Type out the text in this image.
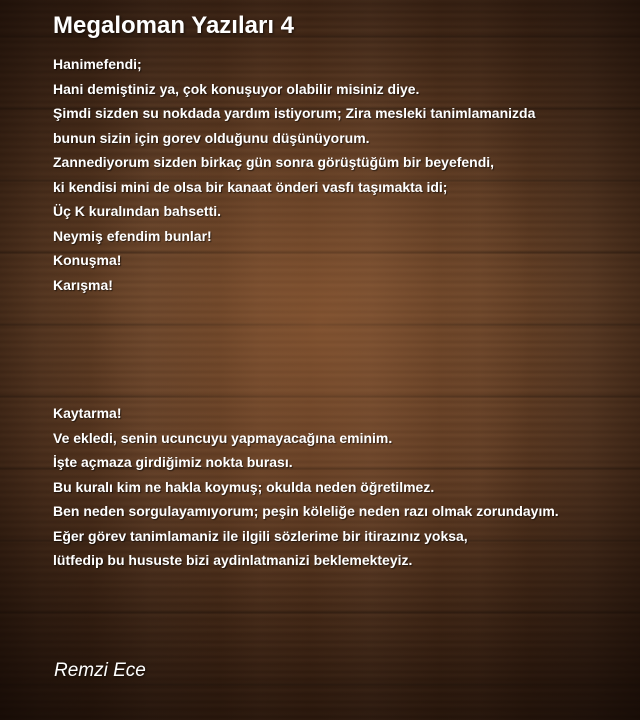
Megaloman Yazıları 4

Hanimefendi;
Hani demiştiniz ya, çok konuşuyor olabilir misiniz diye.
Şimdi sizden su nokdada yardım istiyorum; Zira mesleki tanimlamanizda
bunun sizin için gorev olduğunu düşünüyorum.
Zannediyorum sizden birkaç gün sonra görüştüğüm bir beyefendi,
ki kendisi mini de olsa bir kanaat önderi vasfı taşımakta idi;
Üç K kuralından bahsetti.
Neymiş efendim bunlar!
Konuşma!
Karışma!

Kaytarma!
Ve ekledi, senin ucuncuyu yapmayacağına eminim.
İşte açmaza girdiğimiz nokta burası.
Bu kuralı kim ne hakla koymuş; okulda neden öğretilmez.
Ben neden sorgulayamıyorum; peşin köleliğe neden razı olmak zorundayım.
Eğer görev tanimlamaniz ile ilgili sözlerime bir itirazınız yoksa,
lütfedip bu hususte bizi aydinlatmanizi beklemekteyiz.

Remzi Ece
